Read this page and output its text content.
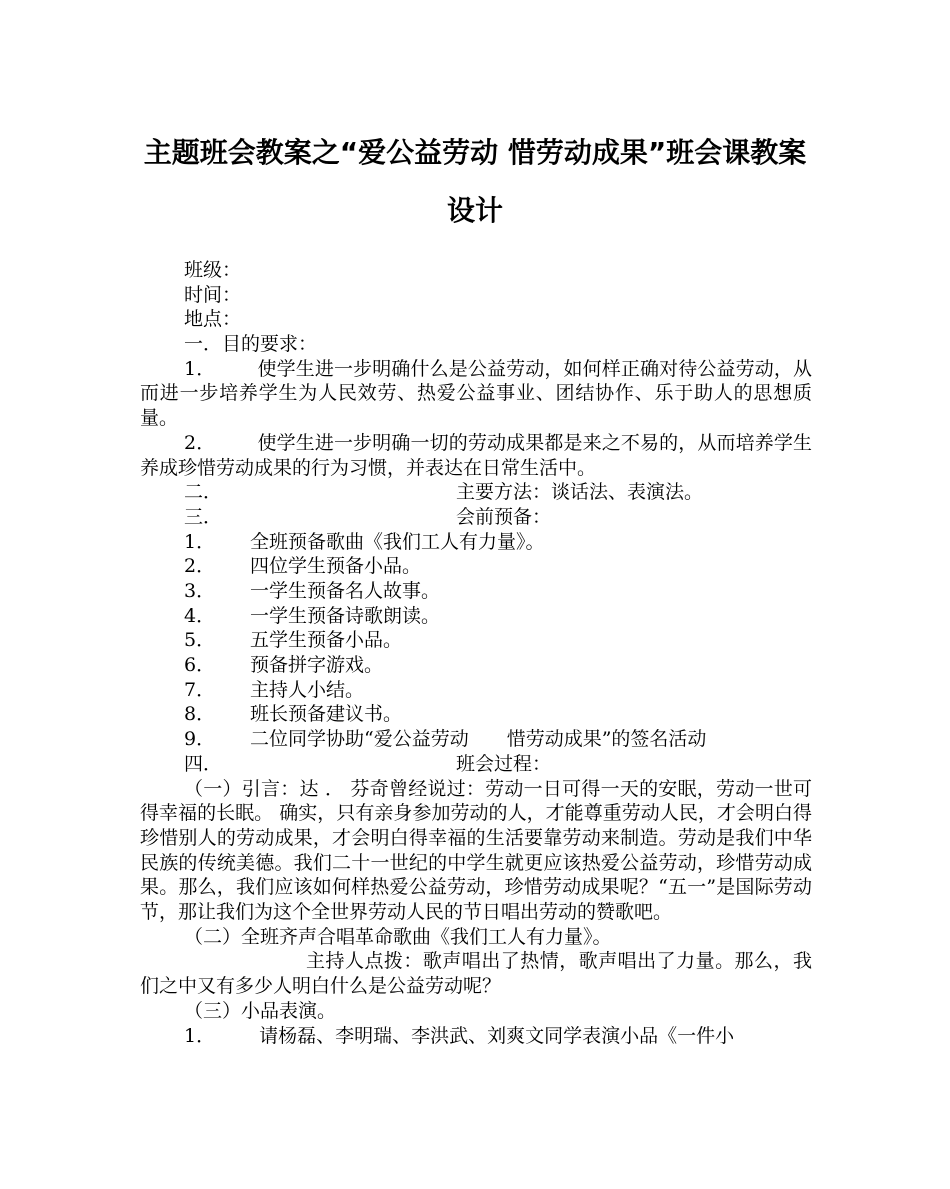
主题班会教案之“爱公益劳动 惜劳动成果”班会课教案设计
班级：
时间：
地点：
一．目的要求：

1． 使学生进一步明确什么是公益劳动，如何样正确对待公益劳动，从而进一步培养学生为人民效劳、热爱公益事业、团结协作、乐于助人的思想质量。

2． 使学生进一步明确一切的劳动成果都是来之不易的，从而培养学生养成珍惜劳动成果的行为习惯，并表达在日常生活中。

二．	主要方法：谈话法、表演法。
三．	会前预备：
1． 全班预备歌曲《我们工人有力量》。
2． 四位学生预备小品。
3． 一学生预备名人故事。
4． 一学生预备诗歌朗读。
5． 五学生预备小品。
6． 预备拼字游戏。
7． 主持人小结。
8． 班长预备建议书。
9． 二位同学协助“爱公益劳动　　惜劳动成果”的签名活动
四．	班会过程：

（一）引言：达 ． 芬奇曾经说过：劳动一日可得一天的安眠，劳动一世可得幸福的长眠。 确实，只有亲身参加劳动的人，才能尊重劳动人民，才会明白得珍惜别人的劳动成果，才会明白得幸福的生活要靠劳动来制造。劳动是我们中华民族的传统美德。我们二十一世纪的中学生就更应该热爱公益劳动，珍惜劳动成果。那么，我们应该如何样热爱公益劳动，珍惜劳动成果呢？“五一”是国际劳动节，那让我们为这个全世界劳动人民的节日唱出劳动的赞歌吧。

（二）全班齐声合唱革命歌曲《我们工人有力量》。

主持人点拨：歌声唱出了热情，歌声唱出了力量。那么，我们之中又有多少人明白什么是公益劳动呢？

（三）小品表演。

1． 请杨磊、李明瑞、李洪武、刘爽文同学表演小品《一件小
